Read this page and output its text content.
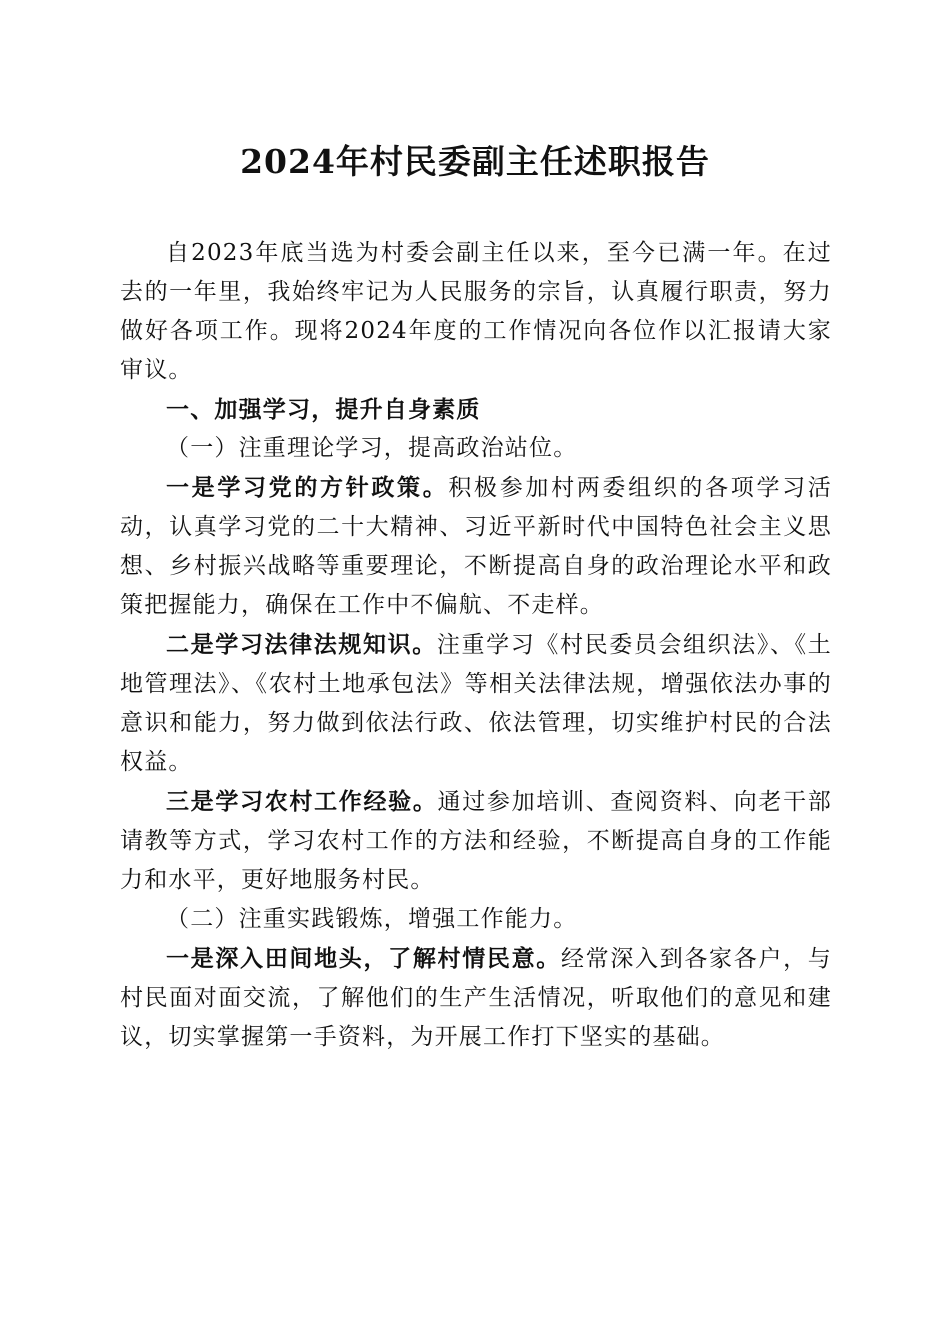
2024年村民委副主任述职报告

自2023年底当选为村委会副主任以来，至今已满一年。在过去的一年里，我始终牢记为人民服务的宗旨，认真履行职责，努力做好各项工作。现将2024年度的工作情况向各位作以汇报请大家审议。

一、加强学习，提升自身素质

（一）注重理论学习，提高政治站位。

一是学习党的方针政策。积极参加村两委组织的各项学习活动，认真学习党的二十大精神、习近平新时代中国特色社会主义思想、乡村振兴战略等重要理论，不断提高自身的政治理论水平和政策把握能力，确保在工作中不偏航、不走样。

二是学习法律法规知识。注重学习《村民委员会组织法》、《土地管理法》、《农村土地承包法》等相关法律法规，增强依法办事的意识和能力，努力做到依法行政、依法管理，切实维护村民的合法权益。

三是学习农村工作经验。通过参加培训、查阅资料、向老干部请教等方式，学习农村工作的方法和经验，不断提高自身的工作能力和水平，更好地服务村民。

（二）注重实践锻炼，增强工作能力。

一是深入田间地头，了解村情民意。经常深入到各家各户，与村民面对面交流，了解他们的生产生活情况，听取他们的意见和建议，切实掌握第一手资料，为开展工作打下坚实的基础。
